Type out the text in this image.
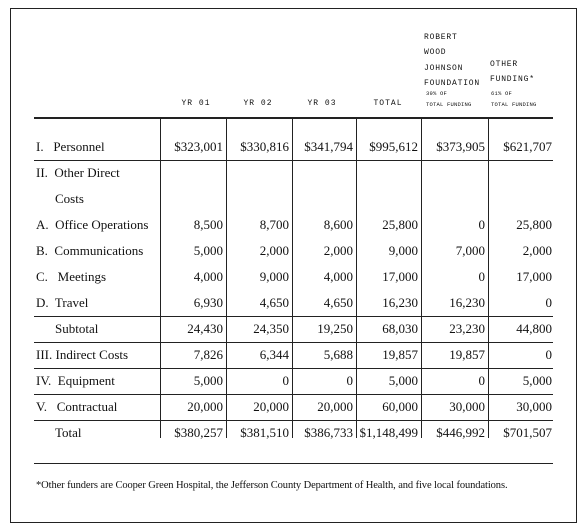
YR 01	YR 02	YR 03	TOTAL
ROBERT
WOOD
JOHNSON
FOUNDATION
39% OF
TOTAL FUNDING
OTHER
FUNDING*
61% OF
TOTAL FUNDING
I.   Personnel	$323,001 $330,816 $341,794 $995,612 $373,905 $621,707
II.  Other Direct
Costs
A.  Office Operations	8,500	8,700	8,600 25,800	0 25,800
B.  Communications	5,000	2,000	2,000	9,000	7,000	2,000
C.   Meetings	4,000	9,000	4,000 17,000	0 17,000
D.  Travel	6,930	4,650	4,650 16,230 16,230	0
Subtotal	24,430 24,350 19,250 68,030 23,230 44,800
III. Indirect Costs	7,826	6,344	5,688 19,857 19,857	0
IV.  Equipment	5,000	0	0	5,000	0	5,000
V.   Contractual	20,000 20,000 20,000 60,000 30,000 30,000
Total	$380,257 $381,510 $386,733 $1,148,499 $446,992 $701,507
*Other funders are Cooper Green Hospital, the Jefferson County Department of Health, and five local foundations.
